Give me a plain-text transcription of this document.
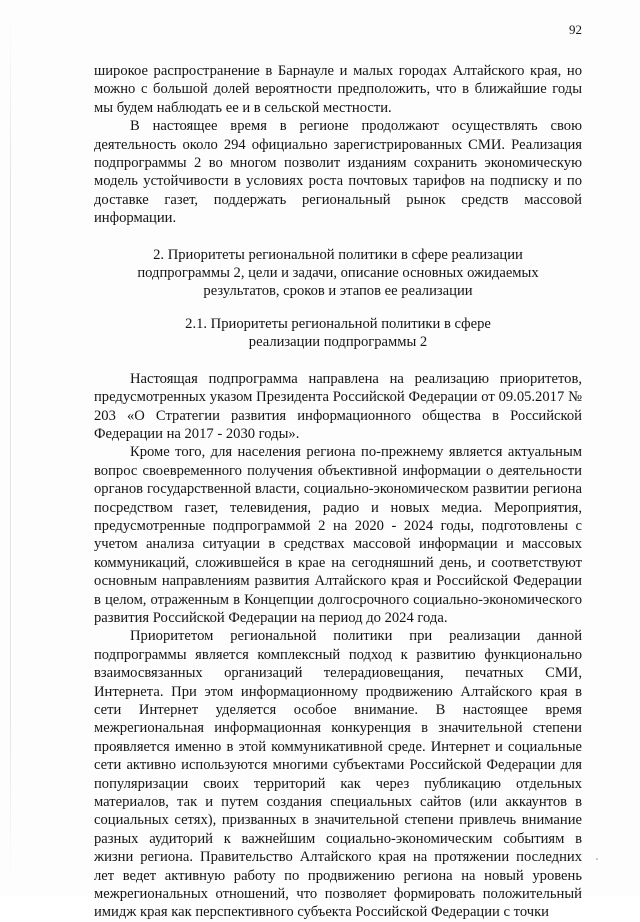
92

широкое распространение в Барнауле и малых городах Алтайского края, но можно с большой долей вероятности предположить, что в ближайшие годы мы будем наблюдать ее и в сельской местности.

В настоящее время в регионе продолжают осуществлять свою деятельность около 294 официально зарегистрированных СМИ. Реализация подпрограммы 2 во многом позволит изданиям сохранить экономическую модель устойчивости в условиях роста почтовых тарифов на подписку и по доставке газет, поддержать региональный рынок средств массовой информации.

2. Приоритеты региональной политики в сфере реализации
подпрограммы 2, цели и задачи, описание основных ожидаемых
результатов, сроков и этапов ее реализации
2.1. Приоритеты региональной политики в сфере
реализации подпрограммы 2

Настоящая подпрограмма направлена на реализацию приоритетов, предусмотренных указом Президента Российской Федерации от 09.05.2017 № 203 «О Стратегии развития информационного общества в Российской Федерации на 2017 - 2030 годы».

Кроме того, для населения региона по-прежнему является актуальным вопрос своевременного получения объективной информации о деятельности органов государственной власти, социально-экономическом развитии региона посредством газет, телевидения, радио и новых медиа. Мероприятия, предусмотренные подпрограммой 2 на 2020 - 2024 годы, подготовлены с учетом анализа ситуации в средствах массовой информации и массовых коммуникаций, сложившейся в крае на сегодняшний день, и соответствуют основным направлениям развития Алтайского края и Российской Федерации в целом, отраженным в Концепции долгосрочного социально-экономического развития Российской Федерации на период до 2024 года.

Приоритетом региональной политики при реализации данной подпрограммы является комплексный подход к развитию функционально взаимосвязанных организаций телерадиовещания, печатных СМИ, Интернета. При этом информационному продвижению Алтайского края в сети Интернет уделяется особое внимание. В настоящее время межрегиональная информационная конкуренция в значительной степени проявляется именно в этой коммуникативной среде. Интернет и социальные сети активно используются многими субъектами Российской Федерации для популяризации своих территорий как через публикацию отдельных материалов, так и путем создания специальных сайтов (или аккаунтов в социальных сетях), призванных в значительной степени привлечь внимание разных аудиторий к важнейшим социально-экономическим событиям в жизни региона. Правительство Алтайского края на протяжении последних лет ведет активную работу по продвижению региона на новый уровень межрегиональных отношений, что позволяет формировать положительный имидж края как перспективного субъекта Российской Федерации с точки
